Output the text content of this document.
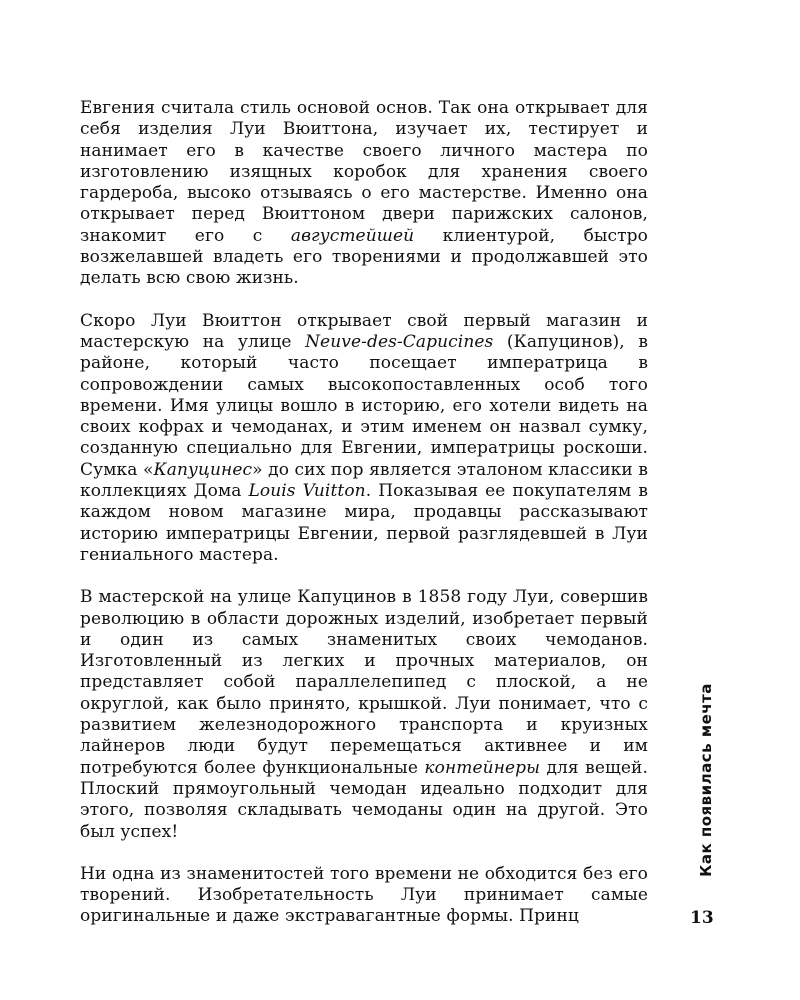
Евгения считала стиль основой основ. Так она открывает для себя изделия Луи Вюиттона, изучает их, тестирует и нанимает его в качестве своего личного мастера по изготовлению изящных коробок для хранения своего гардероба, высоко отзываясь о его мастерстве. Именно она открывает перед Вюиттоном двери парижских салонов, знакомит его с августейшей клиентурой, быстро возжелавшей владеть его творениями и продолжавшей это делать всю свою жизнь.

Скоро Луи Вюиттон открывает свой первый магазин и мастерскую на улице Neuve-des-Capucines (Капуцинов), в районе, который часто посещает императрица в сопровождении самых высокопоставленных особ того времени. Имя улицы вошло в историю, его хотели видеть на своих кофрах и чемоданах, и этим именем он назвал сумку, созданную специально для Евгении, императрицы роскоши. Сумка «Капуцинес» до сих пор является эталоном классики в коллекциях Дома Louis Vuitton. Показывая ее покупателям в каждом новом магазине мира, продавцы рассказывают историю императрицы Евгении, первой разглядевшей в Луи гениального мастера.

В мастерской на улице Капуцинов в 1858 году Луи, совершив революцию в области дорожных изделий, изобретает первый и один из самых знаменитых своих чемоданов. Изготовленный из легких и прочных материалов, он представляет собой параллелепипед с плоской, а не округлой, как было принято, крышкой. Луи понимает, что с развитием железнодорожного транспорта и круизных лайнеров люди будут перемещаться активнее и им потребуются более функциональные контейнеры для вещей. Плоский прямоугольный чемодан идеально подходит для этого, позволяя складывать чемоданы один на другой. Это был успех!

Ни одна из знаменитостей того времени не обходится без его творений. Изобретательность Луи принимает самые оригинальные и даже экстравагантные формы. Принц

Как появилась мечта
13
